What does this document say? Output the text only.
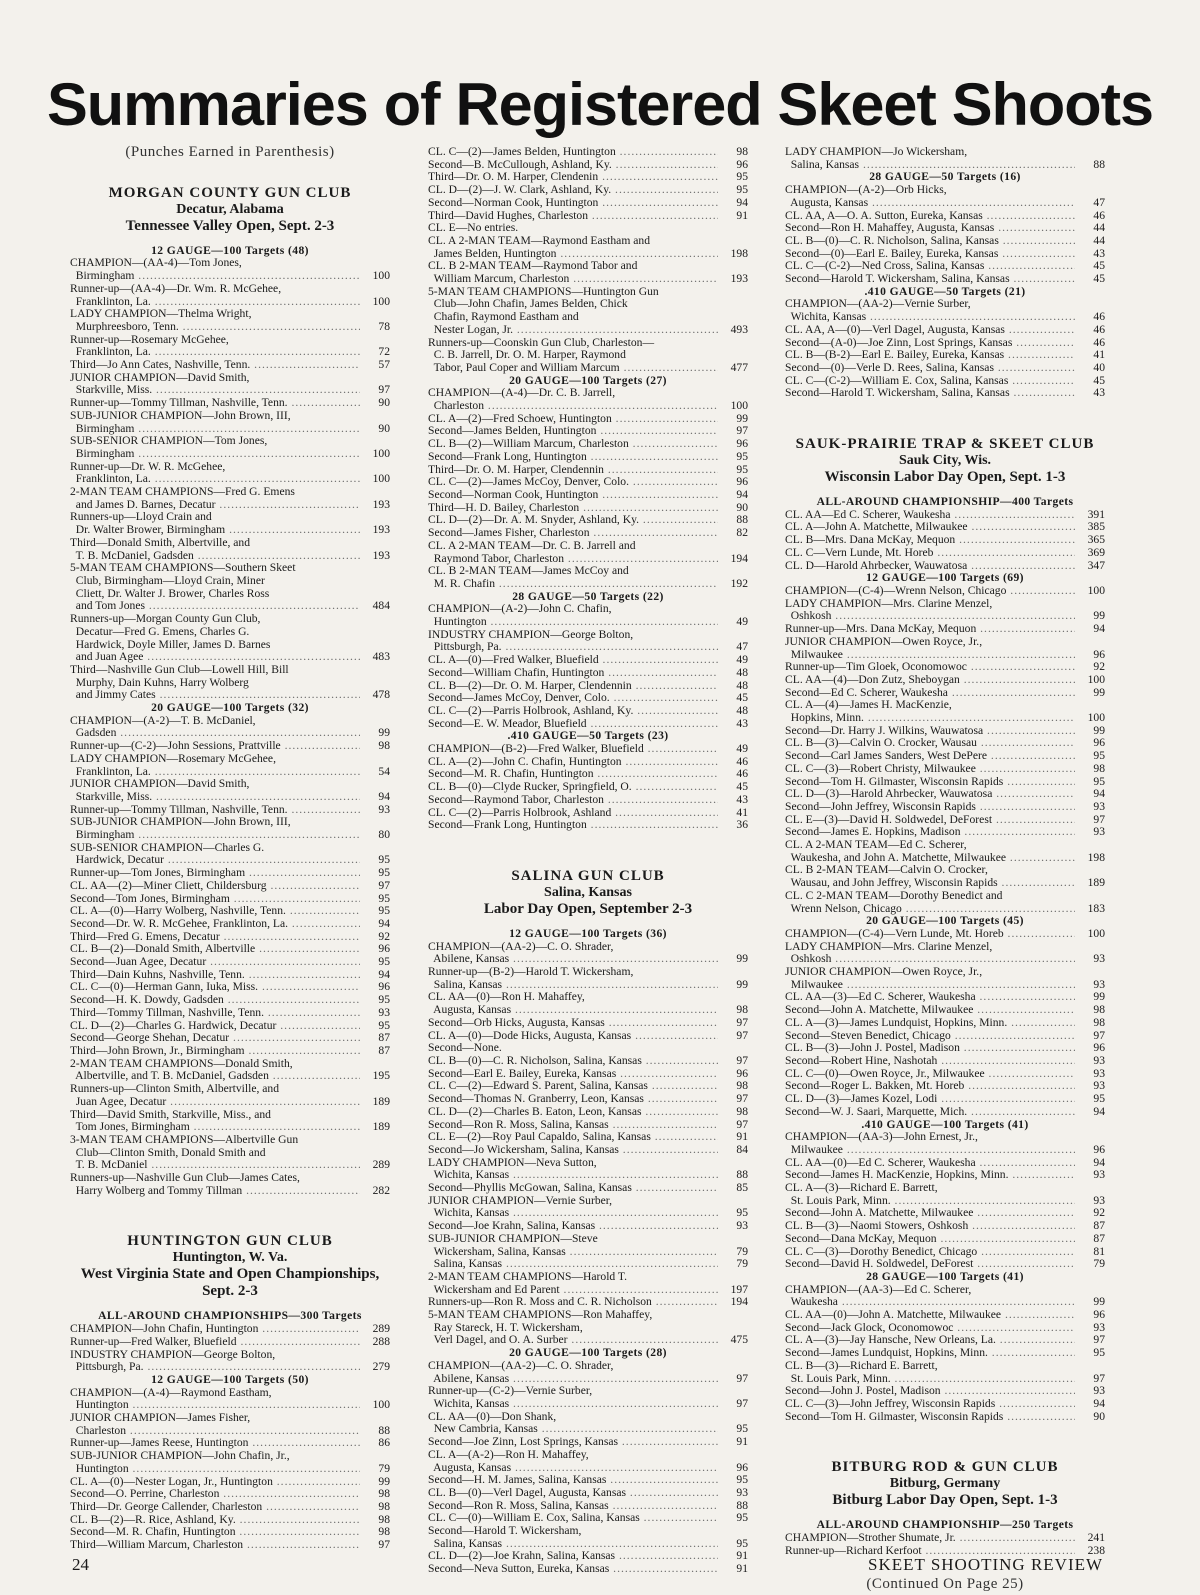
Summaries of Registered Skeet Shoots
(Punches Earned in Parenthesis)
MORGAN COUNTY GUN CLUB
Decatur, Alabama
Tennessee Valley Open, Sept. 2-3
12 GAUGE—100 Targets (48)
CHAMPION—(AA-4)—Tom Jones,
Birmingham .....	100
Runner-up—(AA-4)—Dr. Wm. R. McGehee,
Franklinton, La. .....	100
LADY CHAMPION—Thelma Wright,
Murphreesboro, Tenn. .....	78
Runner-up—Rosemary McGehee,
Franklinton, La. .....	72
Third—Jo Ann Cates, Nashville, Tenn. .....	57
JUNIOR CHAMPION—David Smith,
Starkville, Miss. .....	97
Runner-up—Tommy Tillman, Nashville, Tenn. .....	90
SUB-JUNIOR CHAMPION—John Brown, III,
Birmingham .....	90
SUB-SENIOR CHAMPION—Tom Jones,
Birmingham .....	100
Runner-up—Dr. W. R. McGehee,
Franklinton, La. .....	100
2-MAN TEAM CHAMPIONS—Fred G. Emens
and James D. Barnes, Decatur .....	193
Runners-up—Lloyd Crain and
Dr. Walter Brower, Birmingham .....	193
Third—Donald Smith, Albertville, and
T. B. McDaniel, Gadsden .....	193
5-MAN TEAM CHAMPIONS—Southern Skeet
Club, Birmingham—Lloyd Crain, Miner
Cliett, Dr. Walter J. Brower, Charles Ross
and Tom Jones .....	484
Runners-up—Morgan County Gun Club,
Decatur—Fred G. Emens, Charles G.
Hardwick, Doyle Miller, James D. Barnes
and Juan Agee .....	483
Third—Nashville Gun Club—Lowell Hill, Bill
Murphy, Dain Kuhns, Harry Wolberg
and Jimmy Cates .....	478
20 GAUGE—100 Targets (32)
CHAMPION—(A-2)—T. B. McDaniel,
Gadsden .....	99
Runner-up—(C-2)—John Sessions, Prattville .....	98
LADY CHAMPION—Rosemary McGehee,
Franklinton, La. .....	54
JUNIOR CHAMPION—David Smith,
Starkville, Miss. .....	94
Runner-up—Tommy Tillman, Nashville, Tenn. .....	93
SUB-JUNIOR CHAMPION—John Brown, III,
Birmingham .....	80
SUB-SENIOR CHAMPION—Charles G.
Hardwick, Decatur .....	95
Runner-up—Tom Jones, Birmingham .....	95
CL. AA—(2)—Miner Cliett, Childersburg .....	97
Second—Tom Jones, Birmingham .....	95
CL. A—(0)—Harry Wolberg, Nashville, Tenn. .....	95
Second—Dr. W. R. McGehee, Franklinton, La. .....	94
Third—Fred G. Emens, Decatur .....	92
CL. B—(2)—Donald Smith, Albertville .....	96
Second—Juan Agee, Decatur .....	95
Third—Dain Kuhns, Nashville, Tenn. .....	94
CL. C—(0)—Herman Gann, Iuka, Miss. .....	96
Second—H. K. Dowdy, Gadsden .....	95
Third—Tommy Tillman, Nashville, Tenn. .....	93
CL. D—(2)—Charles G. Hardwick, Decatur .....	95
Second—George Shehan, Decatur .....	87
Third—John Brown, Jr., Birmingham .....	87
2-MAN TEAM CHAMPIONS—Donald Smith,
Albertville, and T. B. McDaniel, Gadsden .....	195
Runners-up—Clinton Smith, Albertville, and
Juan Agee, Decatur .....	189
Third—David Smith, Starkville, Miss., and
Tom Jones, Birmingham .....	189
3-MAN TEAM CHAMPIONS—Albertville Gun
Club—Clinton Smith, Donald Smith and
T. B. McDaniel .....	289
Runners-up—Nashville Gun Club—James Cates,
Harry Wolberg and Tommy Tillman .....	282
HUNTINGTON GUN CLUB
Huntington, W. Va.
West Virginia State and Open Championships, Sept. 2-3
ALL-AROUND CHAMPIONSHIPS—300 Targets
CHAMPION—John Chafin, Huntington .....	289
Runner-up—Fred Walker, Bluefield .....	288
INDUSTRY CHAMPION—George Bolton,
Pittsburgh, Pa. .....	279
12 GAUGE—100 Targets (50)
CHAMPION—(A-4)—Raymond Eastham,
Huntington .....	100
JUNIOR CHAMPION—James Fisher,
Charleston .....	88
Runner-up—James Reese, Huntington .....	86
SUB-JUNIOR CHAMPION—John Chafin, Jr.,
Huntington .....	79
CL. A—(0)—Nester Logan, Jr., Huntington .....	99
Second—O. Perrine, Charleston .....	98
Third—Dr. George Callender, Charleston .....	98
CL. B—(2)—R. Rice, Ashland, Ky. .....	98
Second—M. R. Chafin, Huntington .....	98
Third—William Marcum, Charleston .....	97
CL. C—(2)—James Belden, Huntington .....	98
Second—B. McCullough, Ashland, Ky. .....	96
Third—Dr. O. M. Harper, Clendenin .....	95
CL. D—(2)—J. W. Clark, Ashland, Ky. .....	95
Second—Norman Cook, Huntington .....	94
Third—David Hughes, Charleston .....	91
CL. E—No entries.
CL. A 2-MAN TEAM—Raymond Eastham and
James Belden, Huntington .....	198
CL. B 2-MAN TEAM—Raymond Tabor and
William Marcum, Charleston .....	193
5-MAN TEAM CHAMPIONS—Huntington Gun
Club—John Chafin, James Belden, Chick
Chafin, Raymond Eastham and
Nester Logan, Jr. .....	493
Runners-up—Coonskin Gun Club, Charleston—
C. B. Jarrell, Dr. O. M. Harper, Raymond
Tabor, Paul Coper and William Marcum .....	477
20 GAUGE—100 Targets (27)
CHAMPION—(A-4)—Dr. C. B. Jarrell,
Charleston .....	100
CL. A—(2)—Fred Schoew, Huntington .....	99
Second—James Belden, Huntington .....	97
CL. B—(2)—William Marcum, Charleston .....	96
Second—Frank Long, Huntington .....	95
Third—Dr. O. M. Harper, Clendennin .....	95
CL. C—(2)—James McCoy, Denver, Colo. .....	96
Second—Norman Cook, Huntington .....	94
Third—H. D. Bailey, Charleston .....	90
CL. D—(2)—Dr. A. M. Snyder, Ashland, Ky. .....	88
Second—James Fisher, Charleston .....	82
CL. A 2-MAN TEAM—Dr. C. B. Jarrell and
Raymond Tabor, Charleston .....	194
CL. B 2-MAN TEAM—James McCoy and
M. R. Chafin .....	192
28 GAUGE—50 Targets (22)
CHAMPION—(A-2)—John C. Chafin,
Huntington .....	49
INDUSTRY CHAMPION—George Bolton,
Pittsburgh, Pa. .....	47
CL. A—(0)—Fred Walker, Bluefield .....	49
Second—William Chafin, Huntington .....	48
CL. B—(2)—Dr. O. M. Harper, Clendennin .....	48
Second—James McCoy, Denver, Colo. .....	45
CL. C—(2)—Parris Holbrook, Ashland, Ky. .....	48
Second—E. W. Meador, Bluefield .....	43
.410 GAUGE—50 Targets (23)
CHAMPION—(B-2)—Fred Walker, Bluefield .....	49
CL. A—(2)—John C. Chafin, Huntington .....	46
Second—M. R. Chafin, Huntington .....	46
CL. B—(0)—Clyde Rucker, Springfield, O. .....	45
Second—Raymond Tabor, Charleston .....	43
CL. C—(2)—Parris Holbrook, Ashland .....	41
Second—Frank Long, Huntington .....	36
SALINA GUN CLUB
Salina, Kansas
Labor Day Open, September 2-3
12 GAUGE—100 Targets (36)
CHAMPION—(AA-2)—C. O. Shrader,
Abilene, Kansas .....	99
Runner-up—(B-2)—Harold T. Wickersham,
Salina, Kansas .....	99
CL. AA—(0)—Ron H. Mahaffey,
Augusta, Kansas .....	98
Second—Orb Hicks, Augusta, Kansas .....	97
CL. A—(0)—Dode Hicks, Augusta, Kansas .....	97
Second—None.
CL. B—(0)—C. R. Nicholson, Salina, Kansas .....	97
Second—Earl E. Bailey, Eureka, Kansas .....	96
CL. C—(2)—Edward S. Parent, Salina, Kansas .....	98
Second—Thomas N. Granberry, Leon, Kansas .....	97
CL. D—(2)—Charles B. Eaton, Leon, Kansas .....	98
Second—Ron R. Moss, Salina, Kansas .....	97
CL. E—(2)—Roy Paul Capaldo, Salina, Kansas .....	91
Second—Jo Wickersham, Salina, Kansas .....	84
LADY CHAMPION—Neva Sutton,
Wichita, Kansas .....	88
Second—Phyllis McGowan, Salina, Kansas .....	85
JUNIOR CHAMPION—Vernie Surber,
Wichita, Kansas .....	95
Second—Joe Krahn, Salina, Kansas .....	93
SUB-JUNIOR CHAMPION—Steve
Wickersham, Salina, Kansas .....	79
Salina, Kansas .....	79
2-MAN TEAM CHAMPIONS—Harold T.
Wickersham and Ed Parent .....	197
Runners-up—Ron R. Moss and C. R. Nicholson .....	194
5-MAN TEAM CHAMPIONS—Ron Mahaffey,
Ray Stareck, H. T. Wickersham,
Verl Dagel, and O. A. Surber .....	475
20 GAUGE—100 Targets (28)
CHAMPION—(AA-2)—C. O. Shrader,
Abilene, Kansas .....	97
Runner-up—(C-2)—Vernie Surber,
Wichita, Kansas .....	97
CL. AA—(0)—Don Shank,
New Cambria, Kansas .....	95
Second—Joe Zinn, Lost Springs, Kansas .....	91
CL. A—(A-2)—Ron H. Mahaffey,
Augusta, Kansas .....	96
Second—H. M. James, Salina, Kansas .....	95
CL. B—(0)—Verl Dagel, Augusta, Kansas .....	93
Second—Ron R. Moss, Salina, Kansas .....	88
CL. C—(0)—William E. Cox, Salina, Kansas .....	95
Second—Harold T. Wickersham,
Salina, Kansas .....	95
CL. D—(2)—Joe Krahn, Salina, Kansas .....	91
Second—Neva Sutton, Eureka, Kansas .....	91
LADY CHAMPION—Jo Wickersham,
Salina, Kansas .....	88
28 GAUGE—50 Targets (16)
CHAMPION—(A-2)—Orb Hicks,
Augusta, Kansas .....	47
CL. AA, A—O. A. Sutton, Eureka, Kansas .....	46
Second—Ron H. Mahaffey, Augusta, Kansas .....	44
CL. B—(0)—C. R. Nicholson, Salina, Kansas .....	44
Second—(0)—Earl E. Bailey, Eureka, Kansas .....	43
CL. C—(C-2)—Ned Cross, Salina, Kansas .....	45
Second—Harold T. Wickersham, Salina, Kansas .....	45
.410 GAUGE—50 Targets (21)
CHAMPION—(AA-2)—Vernie Surber,
Wichita, Kansas .....	46
CL. AA, A—(0)—Verl Dagel, Augusta, Kansas .....	46
Second—(A-0)—Joe Zinn, Lost Springs, Kansas .....	46
CL. B—(B-2)—Earl E. Bailey, Eureka, Kansas .....	41
Second—(0)—Verle D. Rees, Salina, Kansas .....	40
CL. C—(C-2)—William E. Cox, Salina, Kansas .....	45
Second—Harold T. Wickersham, Salina, Kansas .....	43
SAUK-PRAIRIE TRAP & SKEET CLUB
Sauk City, Wis.
Wisconsin Labor Day Open, Sept. 1-3
ALL-AROUND CHAMPIONSHIP—400 Targets
CL. AA—Ed C. Scherer, Waukesha .....	391
CL. A—John A. Matchette, Milwaukee .....	385
CL. B—Mrs. Dana McKay, Mequon .....	365
CL. C—Vern Lunde, Mt. Horeb .....	369
CL. D—Harold Ahrbecker, Wauwatosa .....	347
12 GAUGE—100 Targets (69)
CHAMPION—(C-4)—Wrenn Nelson, Chicago .....	100
LADY CHAMPION—Mrs. Clarine Menzel,
Oshkosh .....	99
Runner-up—Mrs. Dana McKay, Mequon .....	94
JUNIOR CHAMPION—Owen Royce, Jr.,
Milwaukee .....	96
Runner-up—Tim Gloek, Oconomowoc .....	92
CL. AA—(4)—Don Zutz, Sheboygan .....	100
Second—Ed C. Scherer, Waukesha .....	99
CL. A—(4)—James H. MacKenzie,
Hopkins, Minn. .....	100
Second—Dr. Harry J. Wilkins, Wauwatosa .....	99
CL. B—(3)—Calvin O. Crocker, Wausau .....	96
Second—Carl James Sanders, West DePere .....	95
CL. C—(3)—Robert Christy, Milwaukee .....	98
Second—Tom H. Gilmaster, Wisconsin Rapids .....	95
CL. D—(3)—Harold Ahrbecker, Wauwatosa .....	94
Second—John Jeffrey, Wisconsin Rapids .....	93
CL. E—(3)—David H. Soldwedel, DeForest .....	97
Second—James E. Hopkins, Madison .....	93
CL. A 2-MAN TEAM—Ed C. Scherer,
Waukesha, and John A. Matchette, Milwaukee .....	198
CL. B 2-MAN TEAM—Calvin O. Crocker,
Wausau, and John Jeffrey, Wisconsin Rapids .....	189
CL. C 2-MAN TEAM—Dorothy Benedict and
Wrenn Nelson, Chicago .....	183
20 GAUGE—100 Targets (45)
CHAMPION—(C-4)—Vern Lunde, Mt. Horeb .....	100
LADY CHAMPION—Mrs. Clarine Menzel,
Oshkosh .....	93
JUNIOR CHAMPION—Owen Royce, Jr.,
Milwaukee .....	93
CL. AA—(3)—Ed C. Scherer, Waukesha .....	99
Second—John A. Matchette, Milwaukee .....	98
CL. A—(3)—James Lundquist, Hopkins, Minn. .....	98
Second—Steven Benedict, Chicago .....	97
CL. B—(3)—John J. Postel, Madison .....	96
Second—Robert Hine, Nashotah .....	93
CL. C—(0)—Owen Royce, Jr., Milwaukee .....	93
Second—Roger L. Bakken, Mt. Horeb .....	93
CL. D—(3)—James Kozel, Lodi .....	95
Second—W. J. Saari, Marquette, Mich. .....	94
.410 GAUGE—100 Targets (41)
CHAMPION—(AA-3)—John Ernest, Jr.,
Milwaukee .....	96
CL. AA—(0)—Ed C. Scherer, Waukesha .....	94
Second—James H. MacKenzie, Hopkins, Minn. .....	93
CL. A—(3)—Richard E. Barrett,
St. Louis Park, Minn. .....	93
Second—John A. Matchette, Milwaukee .....	92
CL. B—(3)—Naomi Stowers, Oshkosh .....	87
Second—Dana McKay, Mequon .....	87
CL. C—(3)—Dorothy Benedict, Chicago .....	81
Second—David H. Soldwedel, DeForest .....	79
28 GAUGE—100 Targets (41)
CHAMPION—(AA-3)—Ed C. Scherer,
Waukesha .....	99
CL. AA—(0)—John A. Matchette, Milwaukee .....	96
Second—Jack Glock, Oconomowoc .....	93
CL. A—(3)—Jay Hansche, New Orleans, La. .....	97
Second—James Lundquist, Hopkins, Minn. .....	95
CL. B—(3)—Richard E. Barrett,
St. Louis Park, Minn. .....	97
Second—John J. Postel, Madison .....	93
CL. C—(3)—John Jeffrey, Wisconsin Rapids .....	94
Second—Tom H. Gilmaster, Wisconsin Rapids .....	90
BITBURG ROD & GUN CLUB
Bitburg, Germany
Bitburg Labor Day Open, Sept. 1-3
ALL-AROUND CHAMPIONSHIP—250 Targets
CHAMPION—Strother Shumate, Jr. .....	241
Runner-up—Richard Kerfoot .....	238
(Continued On Page 25)
24	SKEET SHOOTING REVIEW
